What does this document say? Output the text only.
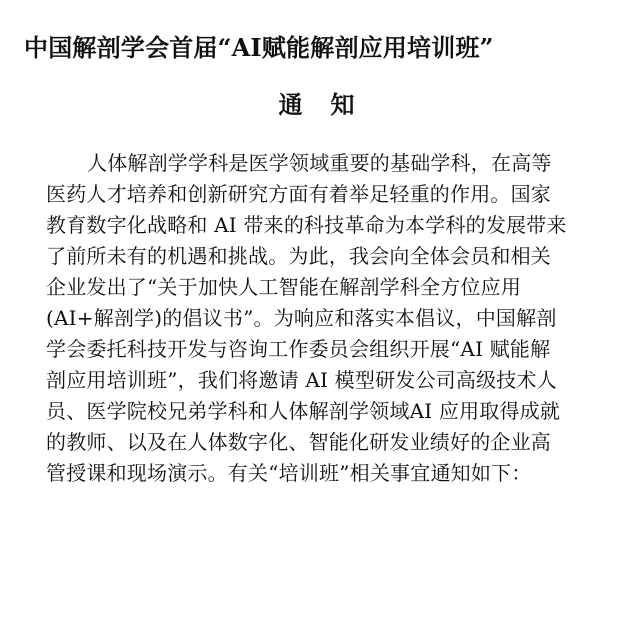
中国解剖学会首届“AI赋能解剖应用培训班”
通知
人体解剖学学科是医学领域重要的基础学科，在高等
医药人才培养和创新研究方面有着举足轻重的作用。国家
教育数字化战略和 AI 带来的科技革命为本学科的发展带来
了前所未有的机遇和挑战。为此，我会向全体会员和相关
企业发出了“关于加快人工智能在解剖学科全方位应用
(AI+解剖学)的倡议书”。为响应和落实本倡议，中国解剖
学会委托科技开发与咨询工作委员会组织开展“AI 赋能解
剖应用培训班”，我们将邀请 AI 模型研发公司高级技术人
员、医学院校兄弟学科和人体解剖学领域AI 应用取得成就
的教师、以及在人体数字化、智能化研发业绩好的企业高
管授课和现场演示。有关“培训班”相关事宜通知如下：
